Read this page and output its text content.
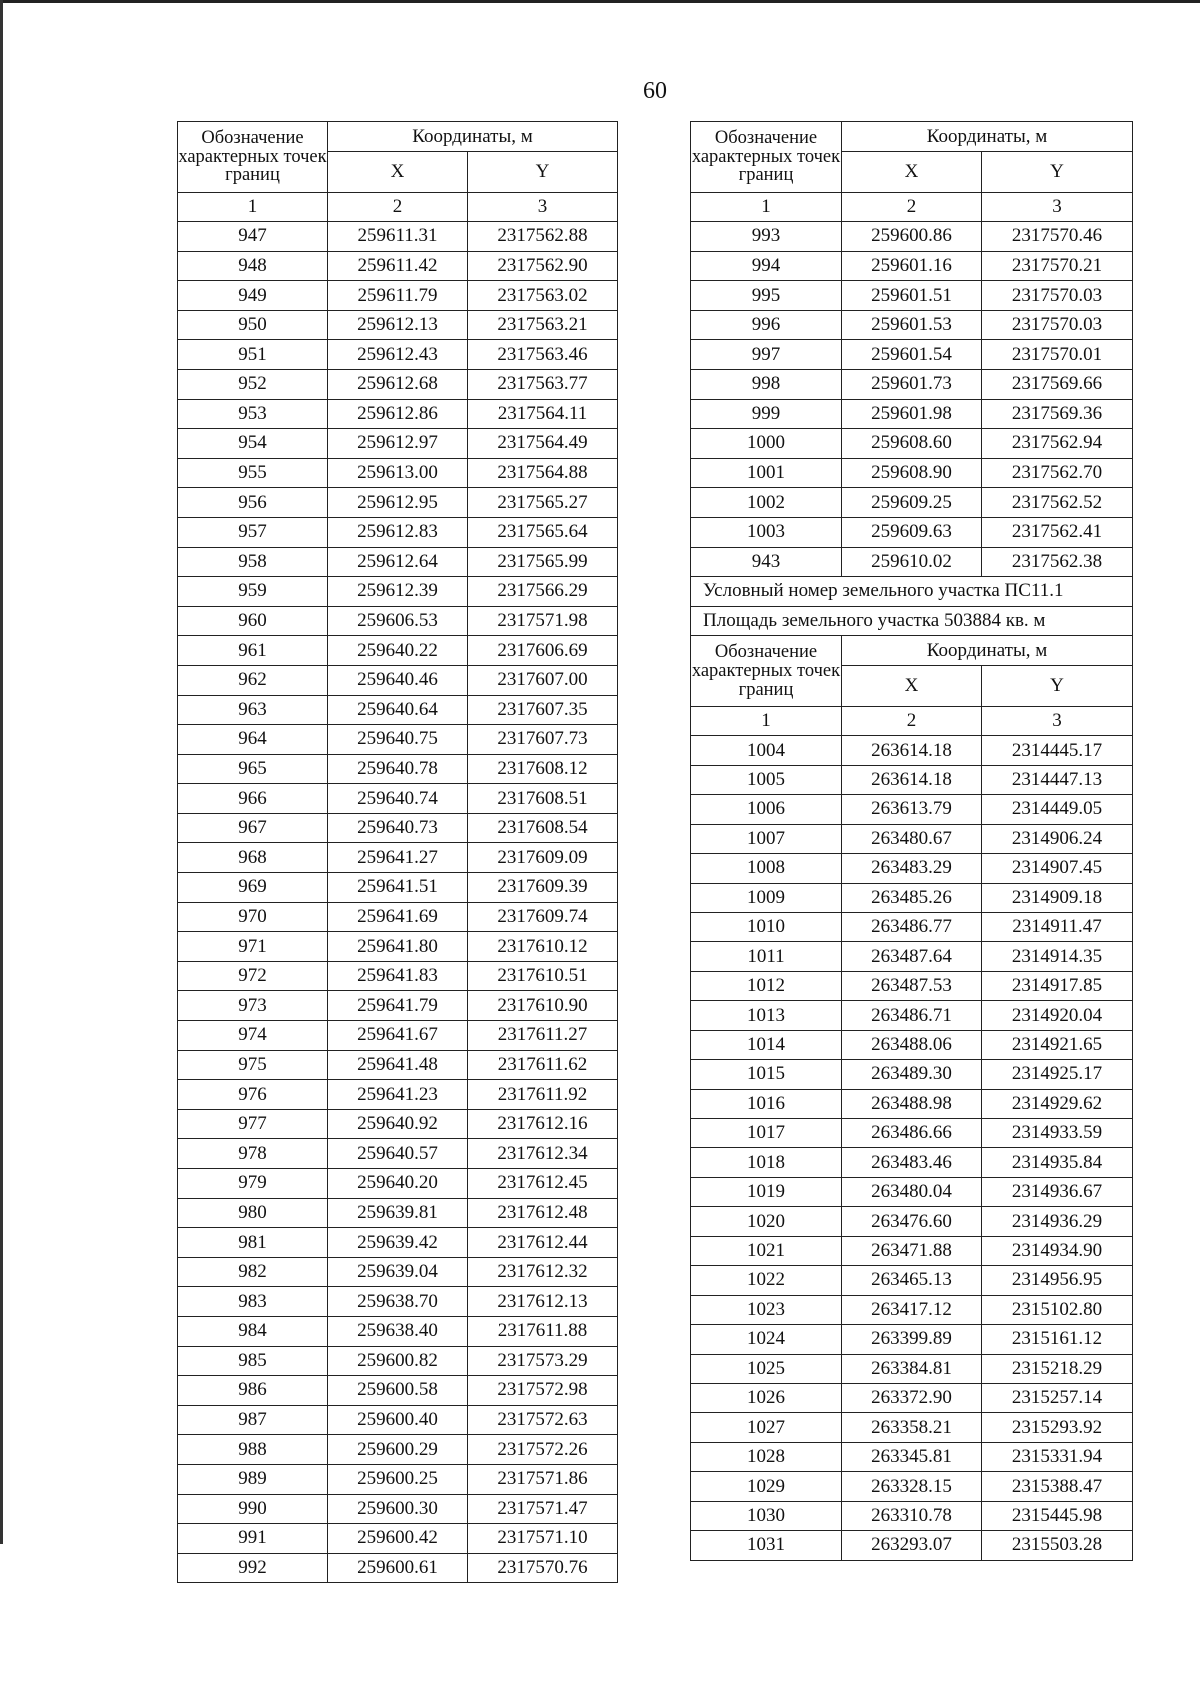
60
Обозначение характерных точек границ	Координаты, м	
	X	Y
1	2	3
947	259611.31	2317562.88
948	259611.42	2317562.90
949	259611.79	2317563.02
950	259612.13	2317563.21
951	259612.43	2317563.46
952	259612.68	2317563.77
953	259612.86	2317564.11
954	259612.97	2317564.49
955	259613.00	2317564.88
956	259612.95	2317565.27
957	259612.83	2317565.64
958	259612.64	2317565.99
959	259612.39	2317566.29
960	259606.53	2317571.98
961	259640.22	2317606.69
962	259640.46	2317607.00
963	259640.64	2317607.35
964	259640.75	2317607.73
965	259640.78	2317608.12
966	259640.74	2317608.51
967	259640.73	2317608.54
968	259641.27	2317609.09
969	259641.51	2317609.39
970	259641.69	2317609.74
971	259641.80	2317610.12
972	259641.83	2317610.51
973	259641.79	2317610.90
974	259641.67	2317611.27
975	259641.48	2317611.62
976	259641.23	2317611.92
977	259640.92	2317612.16
978	259640.57	2317612.34
979	259640.20	2317612.45
980	259639.81	2317612.48
981	259639.42	2317612.44
982	259639.04	2317612.32
983	259638.70	2317612.13
984	259638.40	2317611.88
985	259600.82	2317573.29
986	259600.58	2317572.98
987	259600.40	2317572.63
988	259600.29	2317572.26
989	259600.25	2317571.86
990	259600.30	2317571.47
991	259600.42	2317571.10
992	259600.61	2317570.76
Обозначение характерных точек границ	Координаты, м	
	X	Y
1	2	3
993	259600.86	2317570.46
994	259601.16	2317570.21
995	259601.51	2317570.03
996	259601.53	2317570.03
997	259601.54	2317570.01
998	259601.73	2317569.66
999	259601.98	2317569.36
1000	259608.60	2317562.94
1001	259608.90	2317562.70
1002	259609.25	2317562.52
1003	259609.63	2317562.41
943	259610.02	2317562.38
Условный номер земельного участка ПС11.1		
Площадь земельного участка 503884 кв. м		
Обозначение характерных точек границ	Координаты, м	
	X	Y
1	2	3
1004	263614.18	2314445.17
1005	263614.18	2314447.13
1006	263613.79	2314449.05
1007	263480.67	2314906.24
1008	263483.29	2314907.45
1009	263485.26	2314909.18
1010	263486.77	2314911.47
1011	263487.64	2314914.35
1012	263487.53	2314917.85
1013	263486.71	2314920.04
1014	263488.06	2314921.65
1015	263489.30	2314925.17
1016	263488.98	2314929.62
1017	263486.66	2314933.59
1018	263483.46	2314935.84
1019	263480.04	2314936.67
1020	263476.60	2314936.29
1021	263471.88	2314934.90
1022	263465.13	2314956.95
1023	263417.12	2315102.80
1024	263399.89	2315161.12
1025	263384.81	2315218.29
1026	263372.90	2315257.14
1027	263358.21	2315293.92
1028	263345.81	2315331.94
1029	263328.15	2315388.47
1030	263310.78	2315445.98
1031	263293.07	2315503.28
